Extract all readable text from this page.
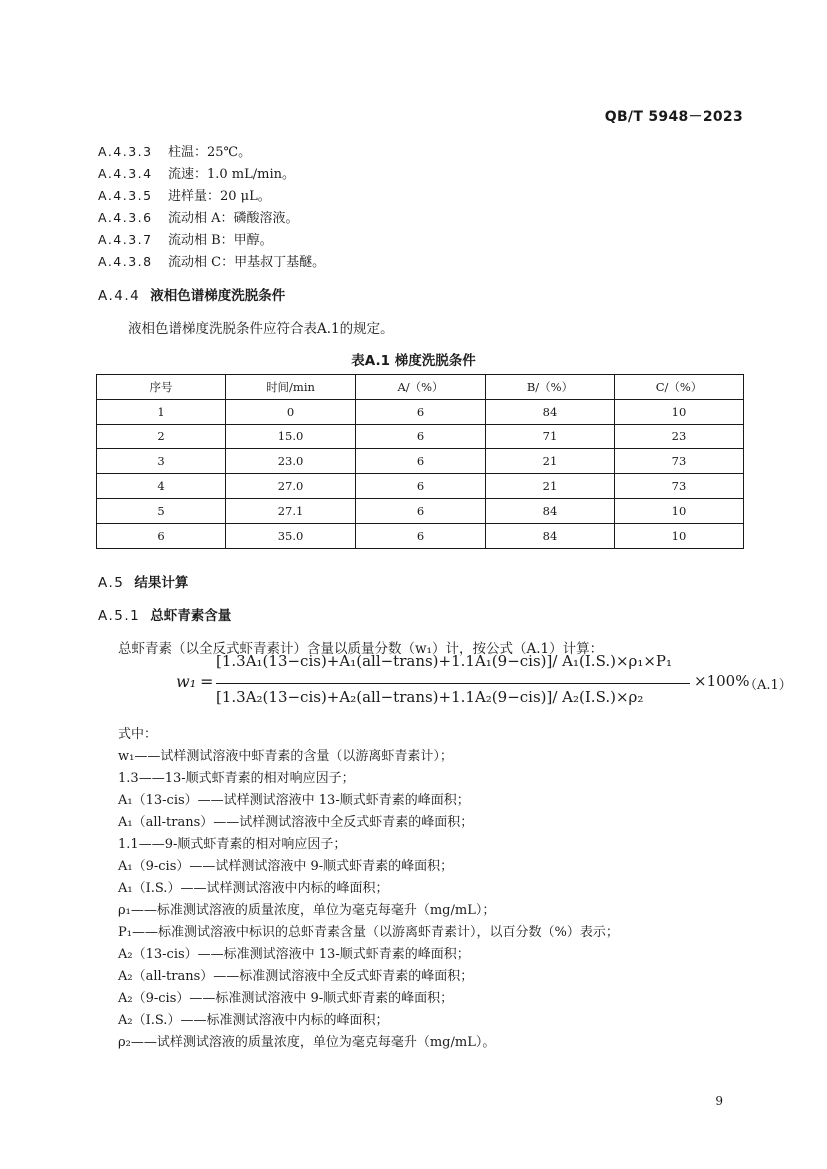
QB/T 5948－2023
A.4.3.3 柱温：25℃。
A.4.3.4 流速：1.0 mL/min。
A.4.3.5 进样量：20 μL。
A.4.3.6 流动相 A：磷酸溶液。
A.4.3.7 流动相 B：甲醇。
A.4.3.8 流动相 C：甲基叔丁基醚。
A.4.4 液相色谱梯度洗脱条件
液相色谱梯度洗脱条件应符合表A.1的规定。
表A.1 梯度洗脱条件
序号	时间/min	A/（%）	B/（%）	C/（%）
1	0	6	84	10
2	15.0	6	71	23
3	23.0	6	21	73
4	27.0	6	21	73
5	27.1	6	84	10
6	35.0	6	84	10
A.5 结果计算
A.5.1 总虾青素含量
总虾青素（以全反式虾青素计）含量以质量分数（w₁）计，按公式（A.1）计算：
w₁ =
[1.3A₁(13−cis)+A₁(all−trans)+1.1A₁(9−cis)]/ A₁(I.S.)×ρ₁×P₁
[1.3A₂(13−cis)+A₂(all−trans)+1.1A₂(9−cis)]/ A₂(I.S.)×ρ₂
×100%
（A.1）
式中：
w₁——试样测试溶液中虾青素的含量（以游离虾青素计）；
1.3——13-顺式虾青素的相对响应因子；
A₁（13-cis）——试样测试溶液中 13-顺式虾青素的峰面积；
A₁（all-trans）——试样测试溶液中全反式虾青素的峰面积；
1.1——9-顺式虾青素的相对响应因子；
A₁（9-cis）——试样测试溶液中 9-顺式虾青素的峰面积；
A₁（I.S.）——试样测试溶液中内标的峰面积；
ρ₁——标准测试溶液的质量浓度，单位为毫克每毫升（mg/mL）；
P₁——标准测试溶液中标识的总虾青素含量（以游离虾青素计），以百分数（%）表示；
A₂（13-cis）——标准测试溶液中 13-顺式虾青素的峰面积；
A₂（all-trans）——标准测试溶液中全反式虾青素的峰面积；
A₂（9-cis）——标准测试溶液中 9-顺式虾青素的峰面积；
A₂（I.S.）——标准测试溶液中内标的峰面积；
ρ₂——试样测试溶液的质量浓度，单位为毫克每毫升（mg/mL）。
9
